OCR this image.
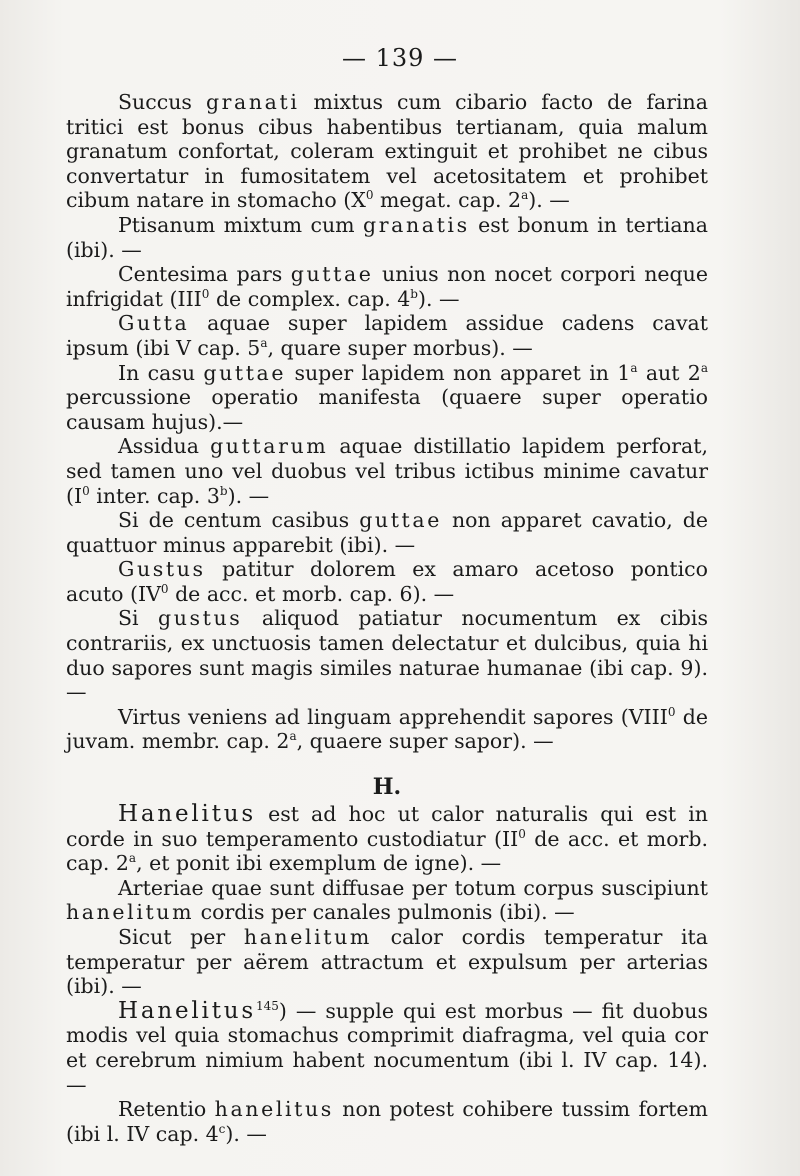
— 139 —

Succus granati mixtus cum cibario facto de farina tritici est bonus cibus habentibus tertianam, quia malum granatum confortat, coleram extinguit et prohibet ne cibus convertatur in fumositatem vel acetositatem et prohibet cibum natare in stomacho ($X^0$ megat. cap. 2$^a$). —

Ptisanum mixtum cum granatis est bonum in tertiana (ibi). —

Centesima pars guttae unius non nocet corpori neque infrigidat (III$^0$ de complex. cap. 4$^b$). —

Gutta aquae super lapidem assidue cadens cavat ipsum (ibi V cap. 5$^a$, quare super morbus). —

In casu guttae super lapidem non apparet in 1$^a$ aut 2$^a$ percussione operatio manifesta (quaere super operatio causam hujus).—

Assidua guttarum aquae distillatio lapidem perforat, sed tamen uno vel duobus vel tribus ictibus minime cavatur ($I^0$ inter. cap. 3$^b$). —

Si de centum casibus guttae non apparet cavatio, de quattuor minus apparebit (ibi). —

Gustus patitur dolorem ex amaro acetoso pontico acuto ($IV^0$ de acc. et morb. cap. 6). —

Si gustus aliquod patiatur nocumentum ex cibis contrariis, ex unctuosis tamen delectatur et dulcibus, quia hi duo sapores sunt magis similes naturae humanae (ibi cap. 9). —

Virtus veniens ad linguam apprehendit sapores (VIII$^0$ de juvam. membr. cap. 2$^a$, quaere super sapor). —

H.

Hanelitus est ad hoc ut calor naturalis qui est in corde in suo temperamento custodiatur ($II^0$ de acc. et morb. cap. 2$^a$, et ponit ibi exemplum de igne). —

Arteriae quae sunt diffusae per totum corpus suscipiunt hanelitum cordis per canales pulmonis (ibi). —

Sicut per hanelitum calor cordis temperatur ita temperatur per aërem attractum et expulsum per arterias (ibi). —

Hanelitus$^{145}$) — supple qui est morbus — fit duobus modis vel quia stomachus comprimit diafragma, vel quia cor et cerebrum nimium habent nocumentum (ibi l. IV cap. 14). —

Retentio hanelitus non potest cohibere tussim fortem (ibi l. IV cap. 4$^c$). —
